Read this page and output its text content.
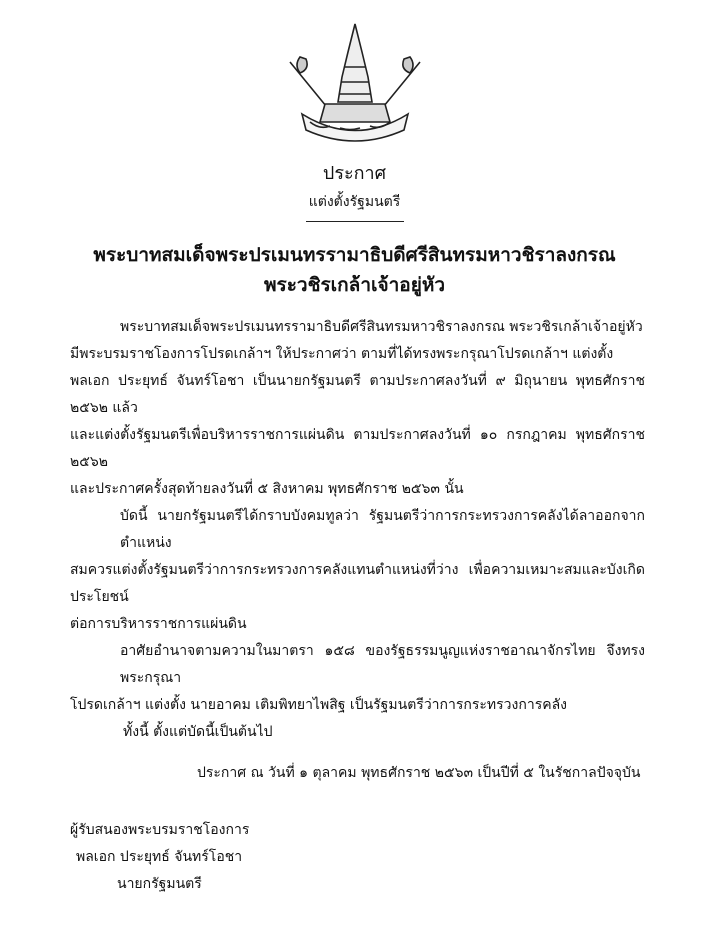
ประกาศ
แต่งตั้งรัฐมนตรี
พระบาทสมเด็จพระปรเมนทรรามาธิบดีศรีสินทรมหาวชิราลงกรณ
พระวชิรเกล้าเจ้าอยู่หัว
พระบาทสมเด็จพระปรเมนทรรามาธิบดีศรีสินทรมหาวชิราลงกรณ พระวชิรเกล้าเจ้าอยู่หัว
มีพระบรมราชโองการโปรดเกล้าฯ ให้ประกาศว่า ตามที่ได้ทรงพระกรุณาโปรดเกล้าฯ แต่งตั้ง
พลเอก ประยุทธ์ จันทร์โอชา เป็นนายกรัฐมนตรี ตามประกาศลงวันที่ ๙ มิถุนายน พุทธศักราช ๒๕๖๒ แล้ว
และแต่งตั้งรัฐมนตรีเพื่อบริหารราชการแผ่นดิน ตามประกาศลงวันที่ ๑๐ กรกฎาคม พุทธศักราช ๒๕๖๒
และประกาศครั้งสุดท้ายลงวันที่ ๕ สิงหาคม พุทธศักราช ๒๕๖๓ นั้น
บัดนี้ นายกรัฐมนตรีได้กราบบังคมทูลว่า รัฐมนตรีว่าการกระทรวงการคลังได้ลาออกจากตำแหน่ง
สมควรแต่งตั้งรัฐมนตรีว่าการกระทรวงการคลังแทนตำแหน่งที่ว่าง เพื่อความเหมาะสมและบังเกิดประโยชน์
ต่อการบริหารราชการแผ่นดิน
อาศัยอำนาจตามความในมาตรา ๑๕๘ ของรัฐธรรมนูญแห่งราชอาณาจักรไทย จึงทรงพระกรุณา
โปรดเกล้าฯ แต่งตั้ง นายอาคม เติมพิทยาไพสิฐ เป็นรัฐมนตรีว่าการกระทรวงการคลัง
ทั้งนี้ ตั้งแต่บัดนี้เป็นต้นไป
ประกาศ ณ วันที่ ๑ ตุลาคม พุทธศักราช ๒๕๖๓ เป็นปีที่ ๕ ในรัชกาลปัจจุบัน
ผู้รับสนองพระบรมราชโองการ
พลเอก ประยุทธ์ จันทร์โอชา
นายกรัฐมนตรี
